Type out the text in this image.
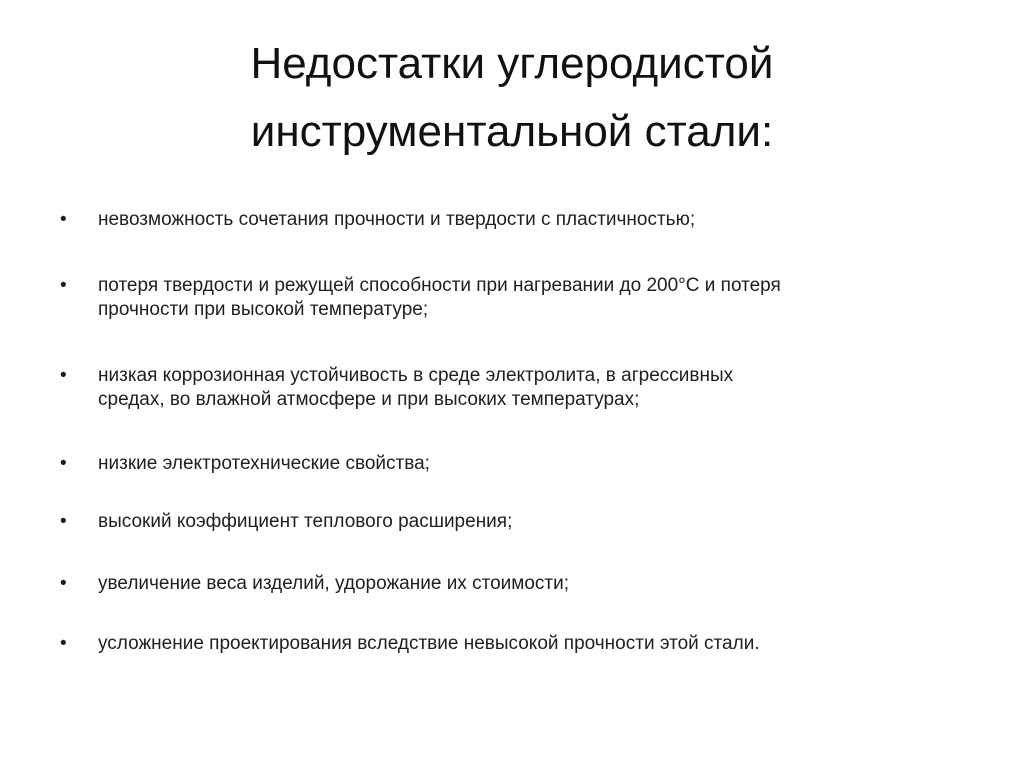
Недостатки углеродистой
инструментальной стали:
•	невозможность сочетания прочности и твердости с пластичностью;
•	потеря твердости и режущей способности при нагревании до 200°С и потеря
прочности при высокой температуре;
•	низкая коррозионная устойчивость в среде электролита, в агрессивных
средах, во влажной атмосфере и при высоких температурах;
•	низкие электротехнические свойства;
•	высокий коэффициент теплового расширения;
•	увеличение веса изделий, удорожание их стоимости;
•	усложнение проектирования вследствие невысокой прочности этой стали.
